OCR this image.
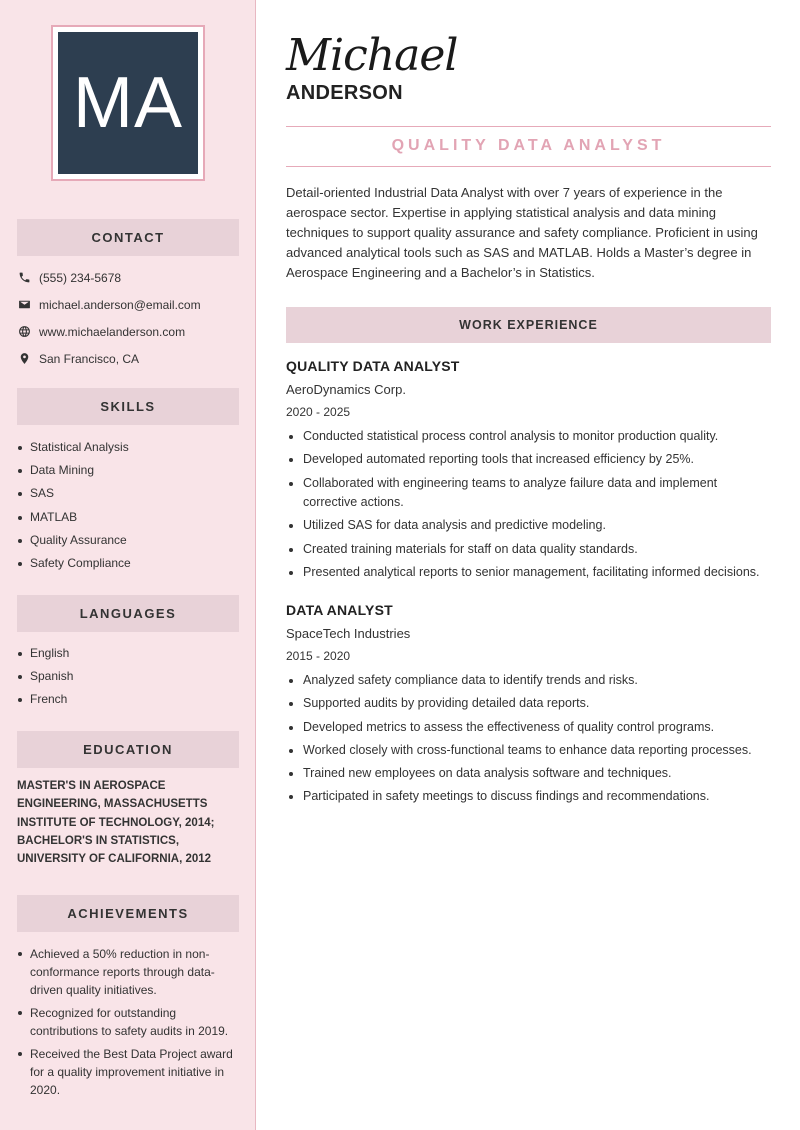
MA
CONTACT
(555) 234-5678
michael.anderson@email.com
www.michaelanderson.com
San Francisco, CA
SKILLS
Statistical Analysis
Data Mining
SAS
MATLAB
Quality Assurance
Safety Compliance
LANGUAGES
English
Spanish
French
EDUCATION
MASTER'S IN AEROSPACE ENGINEERING, MASSACHUSETTS INSTITUTE OF TECHNOLOGY, 2014; BACHELOR'S IN STATISTICS, UNIVERSITY OF CALIFORNIA, 2012
ACHIEVEMENTS
Achieved a 50% reduction in non-conformance reports through data-driven quality initiatives.
Recognized for outstanding contributions to safety audits in 2019.
Received the Best Data Project award for a quality improvement initiative in 2020.
Michael
ANDERSON
QUALITY DATA ANALYST

Detail-oriented Industrial Data Analyst with over 7 years of experience in the aerospace sector. Expertise in applying statistical analysis and data mining techniques to support quality assurance and safety compliance. Proficient in using advanced analytical tools such as SAS and MATLAB. Holds a Master’s degree in Aerospace Engineering and a Bachelor’s in Statistics.

WORK EXPERIENCE
QUALITY DATA ANALYST
AeroDynamics Corp.
2020 - 2025
Conducted statistical process control analysis to monitor production quality.
Developed automated reporting tools that increased efficiency by 25%.
Collaborated with engineering teams to analyze failure data and implement corrective actions.
Utilized SAS for data analysis and predictive modeling.
Created training materials for staff on data quality standards.
Presented analytical reports to senior management, facilitating informed decisions.
DATA ANALYST
SpaceTech Industries
2015 - 2020
Analyzed safety compliance data to identify trends and risks.
Supported audits by providing detailed data reports.
Developed metrics to assess the effectiveness of quality control programs.
Worked closely with cross-functional teams to enhance data reporting processes.
Trained new employees on data analysis software and techniques.
Participated in safety meetings to discuss findings and recommendations.
